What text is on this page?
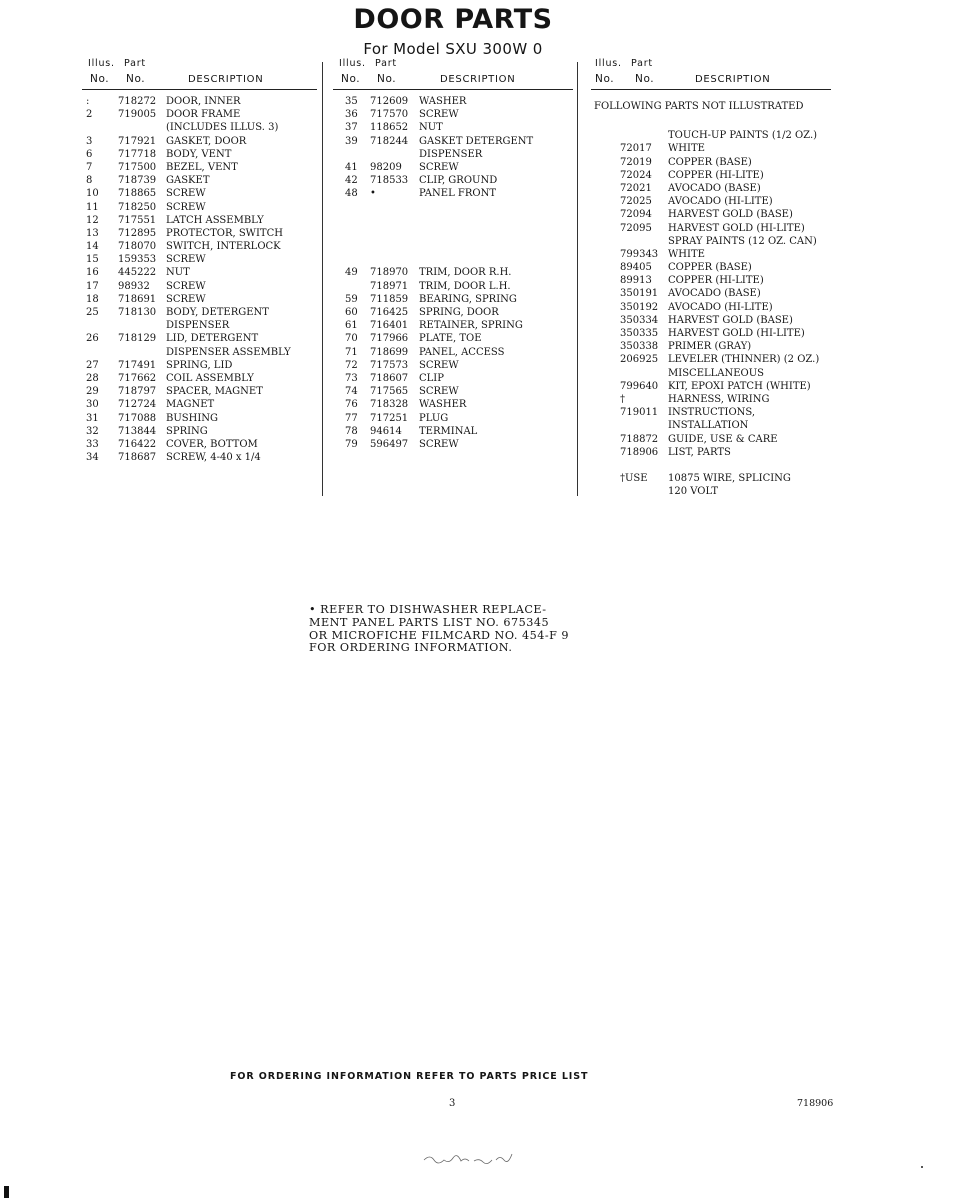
DOOR PARTS
For Model SXU 300W 0
Illus. Part
No. No.	DESCRIPTION
:	718272 DOOR, INNER
2	719005 DOOR FRAME
(INCLUDES ILLUS. 3)
3	717921 GASKET, DOOR
6	717718 BODY, VENT
7	717500 BEZEL, VENT
8	718739 GASKET
10 718865 SCREW
11 718250 SCREW
12 717551 LATCH ASSEMBLY
13 712895 PROTECTOR, SWITCH
14 718070 SWITCH, INTERLOCK
15 159353 SCREW
16 445222 NUT
17 98932 SCREW
18 718691 SCREW
25 718130 BODY, DETERGENT
DISPENSER
26 718129 LID, DETERGENT
DISPENSER ASSEMBLY
27 717491 SPRING, LID
28 717662 COIL ASSEMBLY
29 718797 SPACER, MAGNET
30 712724 MAGNET
31 717088 BUSHING
32 713844 SPRING
33 716422 COVER, BOTTOM
34 718687 SCREW, 4-40 x 1/4
Illus. Part
No. No.	DESCRIPTION
35 712609 WASHER
36 717570 SCREW
37 118652 NUT
39 718244 GASKET DETERGENT
DISPENSER
41 98209 SCREW
42 718533 CLIP, GROUND
48 •	PANEL FRONT
49 718970 TRIM, DOOR R.H.
718971 TRIM, DOOR L.H.
59 711859 BEARING, SPRING
60 716425 SPRING, DOOR
61 716401 RETAINER, SPRING
70 717966 PLATE, TOE
71 718699 PANEL, ACCESS
72 717573 SCREW
73 718607 CLIP
74 717565 SCREW
76 718328 WASHER
77 717251 PLUG
78 94614 TERMINAL
79 596497 SCREW
Illus. Part
No. No.	DESCRIPTION
FOLLOWING PARTS NOT ILLUSTRATED
TOUCH-UP PAINTS (1/2 OZ.)
72017 WHITE
72019 COPPER (BASE)
72024 COPPER (HI-LITE)
72021 AVOCADO (BASE)
72025 AVOCADO (HI-LITE)
72094 HARVEST GOLD (BASE)
72095 HARVEST GOLD (HI-LITE)
SPRAY PAINTS (12 OZ. CAN)
799343 WHITE
89405 COPPER (BASE)
89913 COPPER (HI-LITE)
350191 AVOCADO (BASE)
350192 AVOCADO (HI-LITE)
350334 HARVEST GOLD (BASE)
350335 HARVEST GOLD (HI-LITE)
350338 PRIMER (GRAY)
206925 LEVELER (THINNER) (2 OZ.)
MISCELLANEOUS
799640 KIT, EPOXI PATCH (WHITE)
†	HARNESS, WIRING
719011 INSTRUCTIONS,
INSTALLATION
718872 GUIDE, USE & CARE
718906 LIST, PARTS
†USE 10875 WIRE, SPLICING
120 VOLT
• REFER TO DISHWASHER REPLACE-
MENT PANEL PARTS LIST NO. 675345
OR MICROFICHE FILMCARD NO. 454-F 9
FOR ORDERING INFORMATION.
FOR ORDERING INFORMATION REFER TO PARTS PRICE LIST
3	718906
